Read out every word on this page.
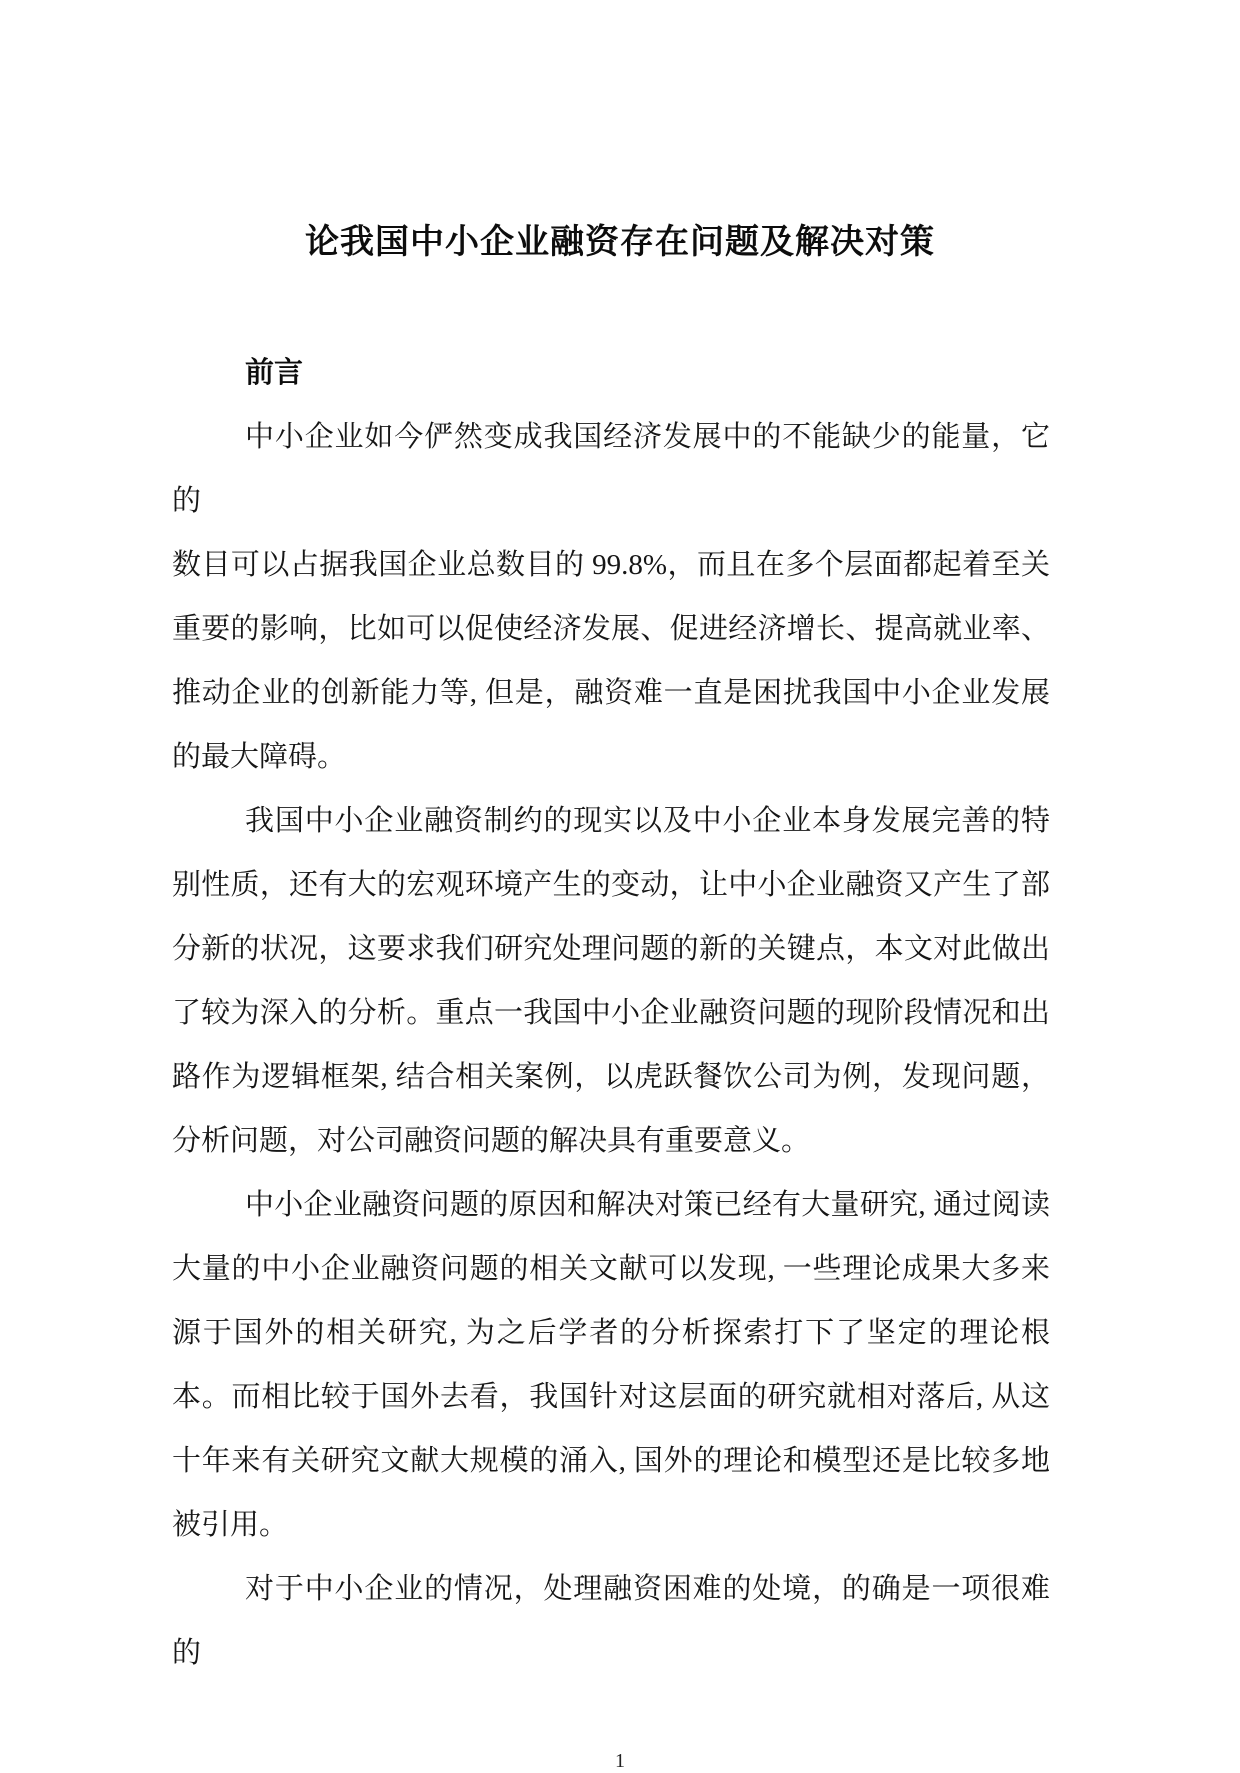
论我国中小企业融资存在问题及解决对策
前言
中小企业如今俨然变成我国经济发展中的不能缺少的能量，它的
数目可以占据我国企业总数目的 99.8%，而且在多个层面都起着至关
重要的影响，比如可以促使经济发展、促进经济增长、提高就业率、
推动企业的创新能力等, 但是，融资难一直是困扰我国中小企业发展
的最大障碍。
我国中小企业融资制约的现实以及中小企业本身发展完善的特
别性质，还有大的宏观环境产生的变动，让中小企业融资又产生了部
分新的状况，这要求我们研究处理问题的新的关键点，本文对此做出
了较为深入的分析。重点一我国中小企业融资问题的现阶段情况和出
路作为逻辑框架, 结合相关案例，以虎跃餐饮公司为例，发现问题，
分析问题，对公司融资问题的解决具有重要意义。
中小企业融资问题的原因和解决对策已经有大量研究, 通过阅读
大量的中小企业融资问题的相关文献可以发现, 一些理论成果大多来
源于国外的相关研究, 为之后学者的分析探索打下了坚定的理论根
本。而相比较于国外去看，我国针对这层面的研究就相对落后, 从这
十年来有关研究文献大规模的涌入, 国外的理论和模型还是比较多地
被引用。
对于中小企业的情况，处理融资困难的处境，的确是一项很难的
1
